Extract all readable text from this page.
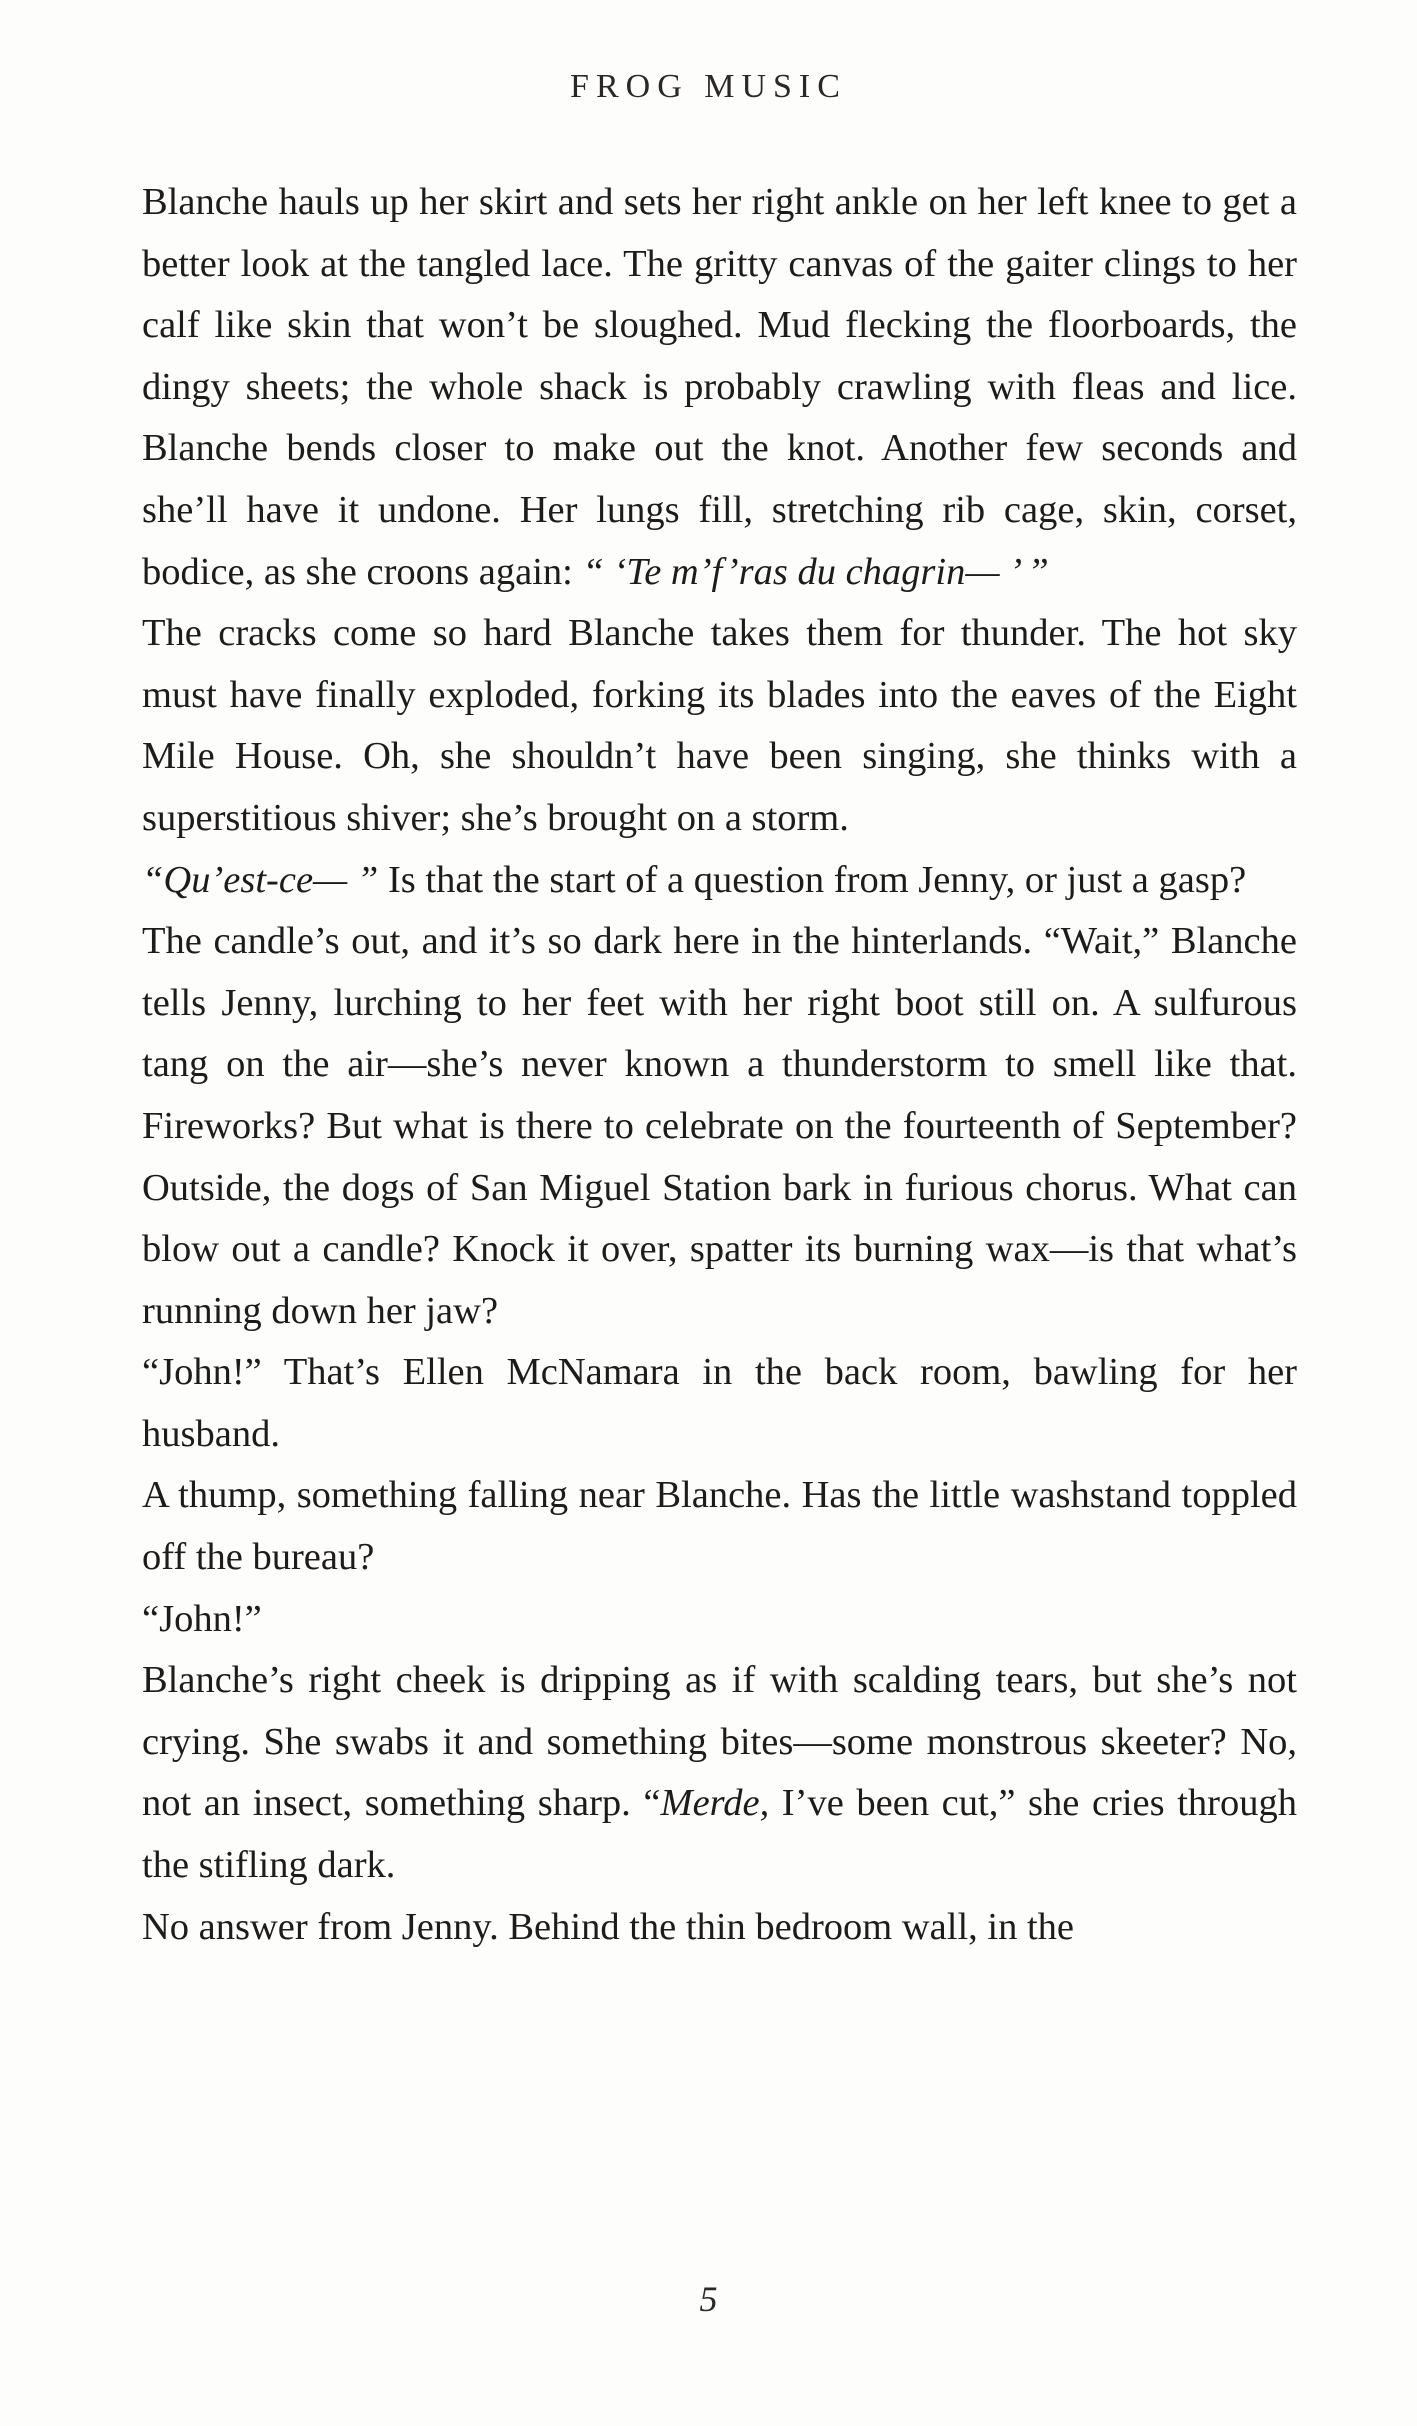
FROG MUSIC

Blanche hauls up her skirt and sets her right ankle on her left knee to get a better look at the tangled lace. The gritty canvas of the gaiter clings to her calf like skin that won’t be sloughed. Mud flecking the floorboards, the dingy sheets; the whole shack is probably crawling with fleas and lice. Blanche bends closer to make out the knot. Another few seconds and she’ll have it undone. Her lungs fill, stretching rib cage, skin, corset, bodice, as she croons again: “ ‘Te m’f’ras du chagrin— ’ ”

The cracks come so hard Blanche takes them for thunder. The hot sky must have finally exploded, forking its blades into the eaves of the Eight Mile House. Oh, she shouldn’t have been singing, she thinks with a superstitious shiver; she’s brought on a storm.

“Qu’est-ce— ” Is that the start of a question from Jenny, or just a gasp?

The candle’s out, and it’s so dark here in the hinterlands. “Wait,” Blanche tells Jenny, lurching to her feet with her right boot still on. A sulfurous tang on the air—she’s never known a thunderstorm to smell like that. Fireworks? But what is there to celebrate on the fourteenth of September? Outside, the dogs of San Miguel Station bark in furious chorus. What can blow out a candle? Knock it over, spatter its burning wax—is that what’s running down her jaw?

“John!” That’s Ellen McNamara in the back room, bawling for her husband.

A thump, something falling near Blanche. Has the little washstand toppled off the bureau?

“John!”

Blanche’s right cheek is dripping as if with scalding tears, but she’s not crying. She swabs it and something bites—some monstrous skeeter? No, not an insect, something sharp. “Merde, I’ve been cut,” she cries through the stifling dark.

No answer from Jenny. Behind the thin bedroom wall, in the

5
